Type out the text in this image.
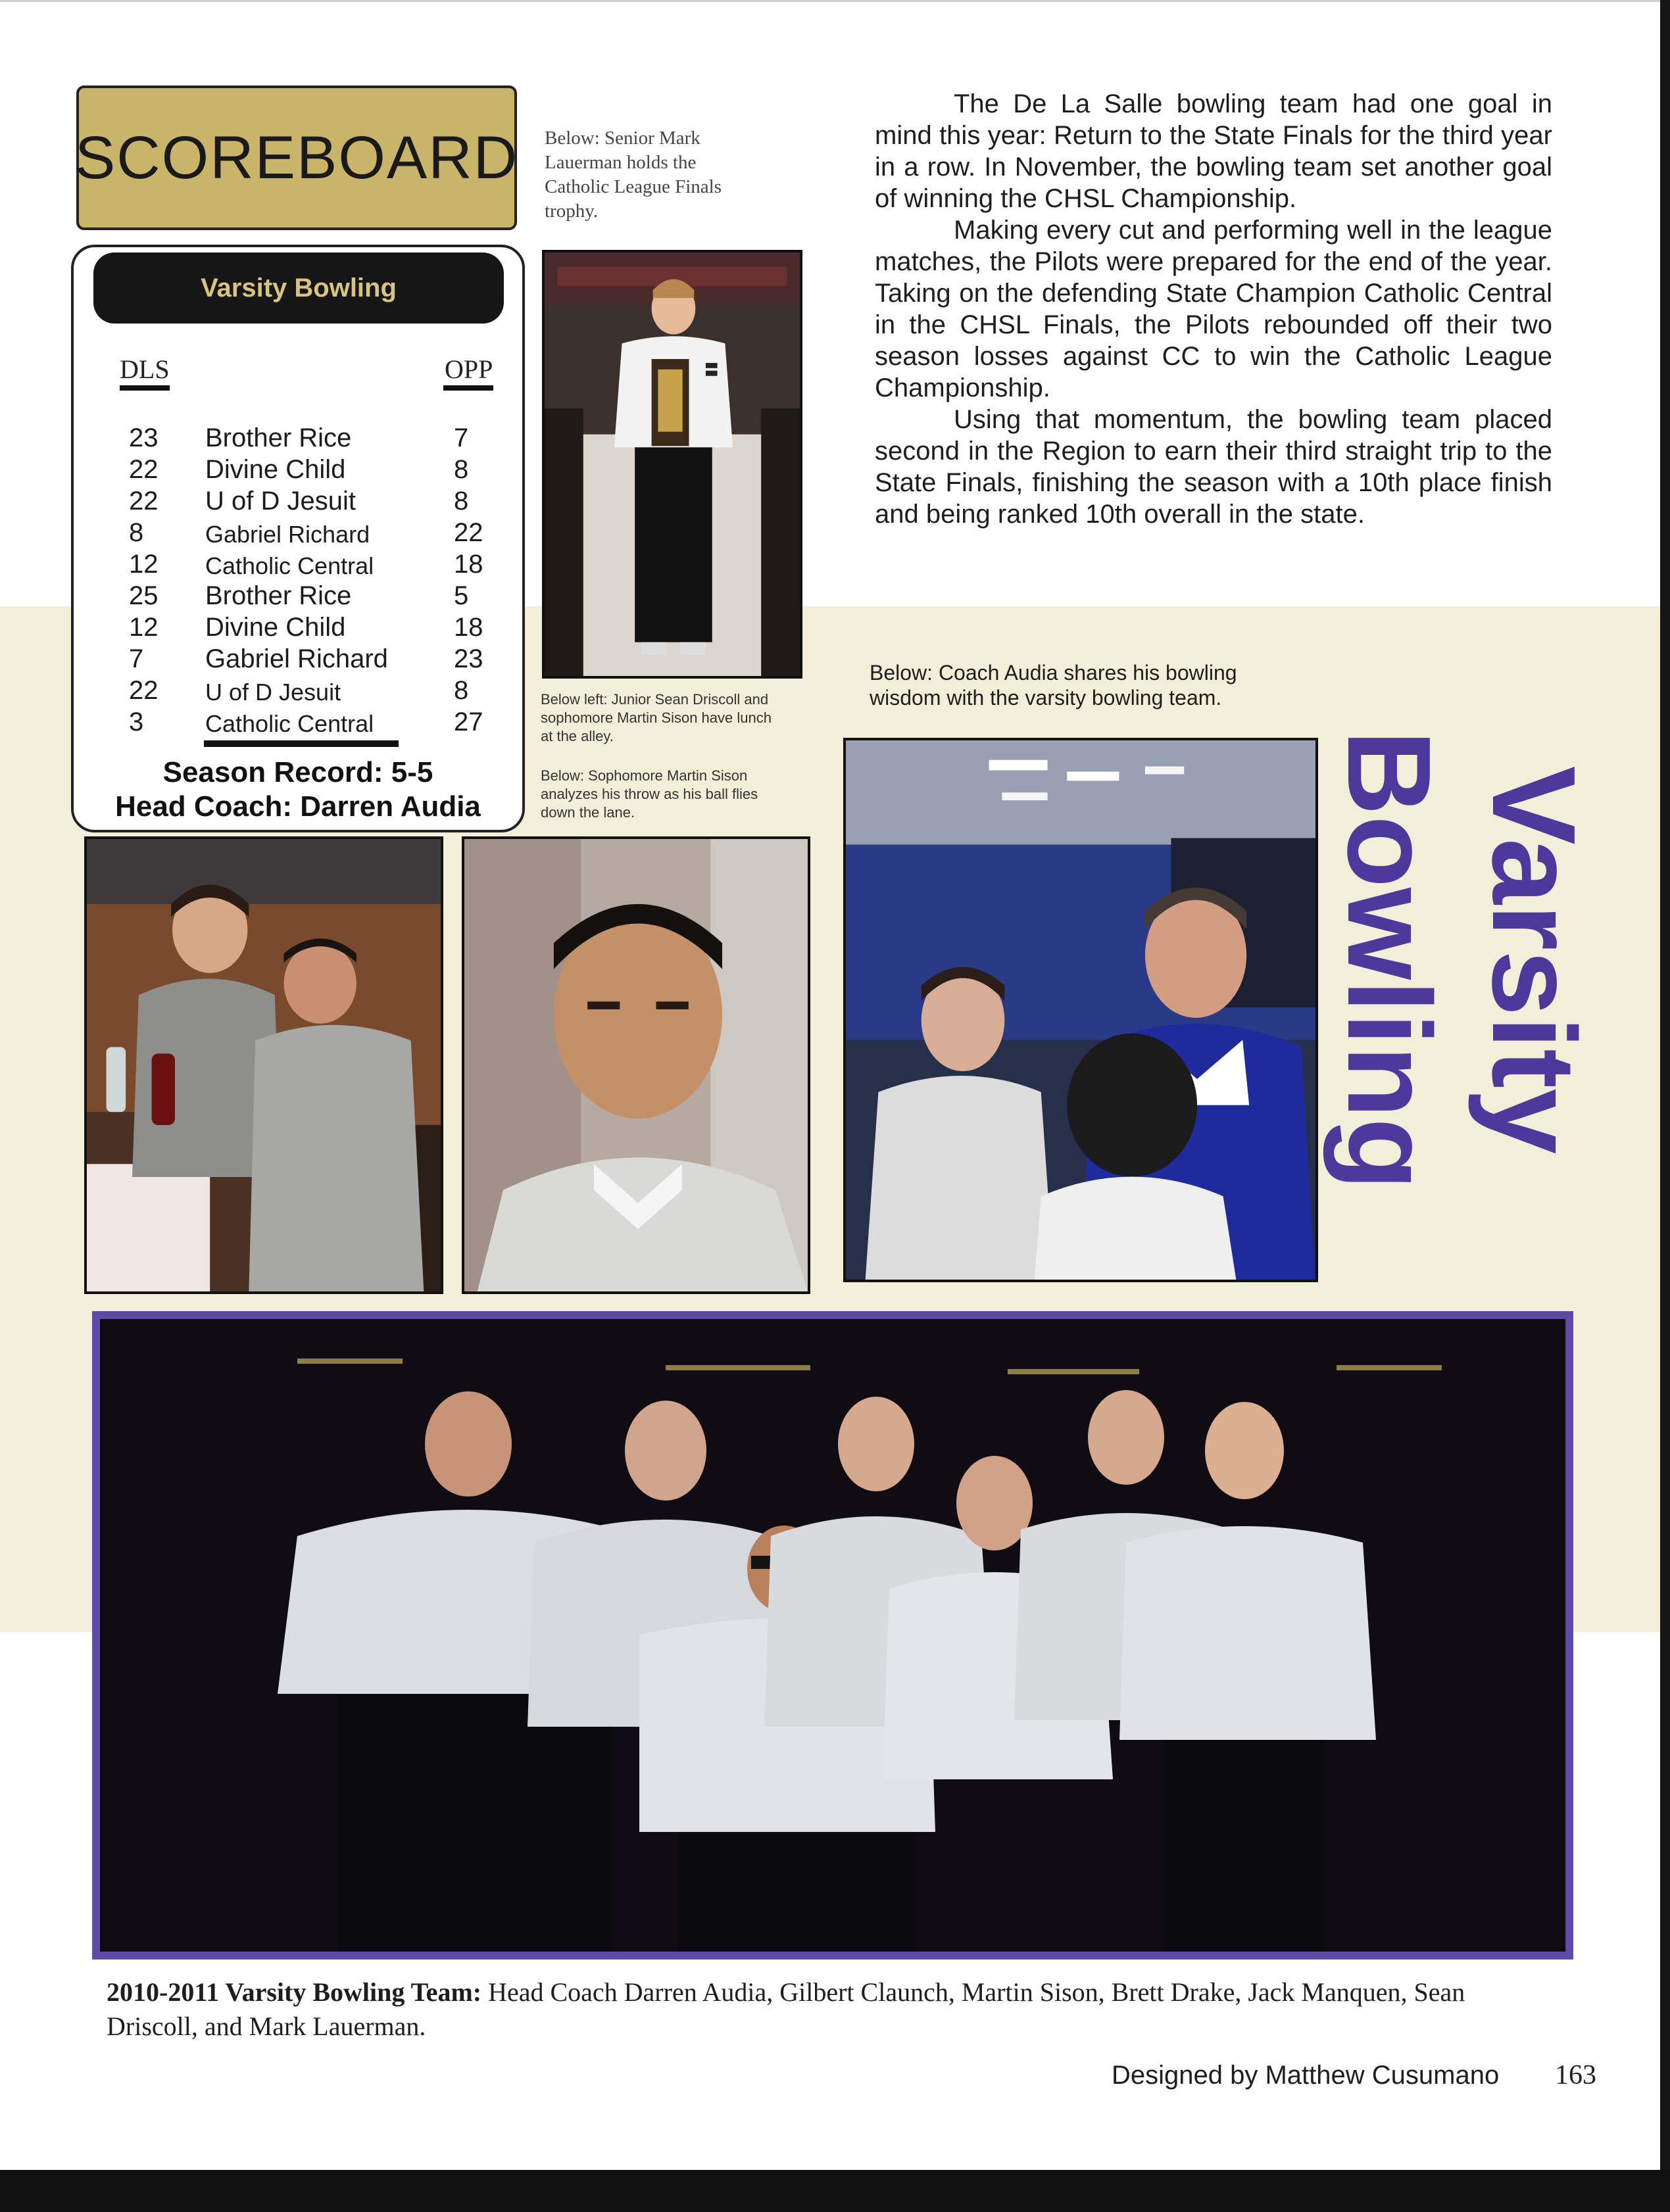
SCOREBOARD
Varsity Bowling
DLS	OPP
23 Brother Rice	7
22 Divine Child	8
22 U of D Jesuit	8
8	Gabriel Richard	22
12 Catholic Central	18
25 Brother Rice	5
12 Divine Child	18
7 Gabriel Richard	23
22 U of D Jesuit	8
3	Catholic Central	27
Season Record: 5-5
Head Coach: Darren Audia
Below: Senior Mark
Lauerman holds the
Catholic League Finals
trophy.
Below left: Junior Sean Driscoll and
sophomore Martin Sison have lunch
at the alley.
Below: Sophomore Martin Sison
analyzes his throw as his ball flies
down the lane.

The De La Salle bowling team had one goal in mind this year: Return to the State Finals for the third year in a row. In November, the bowling team set another goal of winning the CHSL Championship.

Making every cut and performing well in the league matches, the Pilots were prepared for the end of the year. Taking on the defending State Champion Catholic Central in the CHSL Finals, the Pilots rebounded off their two season losses against CC to win the Catholic League Championship.

Using that momentum, the bowling team placed second in the Region to earn their third straight trip to the State Finals, finishing the season with a 10th place finish and being ranked 10th overall in the state.

Below: Coach Audia shares his bowling
wisdom with the varsity bowling team.
Varsity
Bowling
2010-2011 Varsity Bowling Team: Head Coach Darren Audia, Gilbert Claunch, Martin Sison, Brett Drake, Jack Manquen, Sean Driscoll, and Mark Lauerman.
Designed by Matthew Cusumano 163
